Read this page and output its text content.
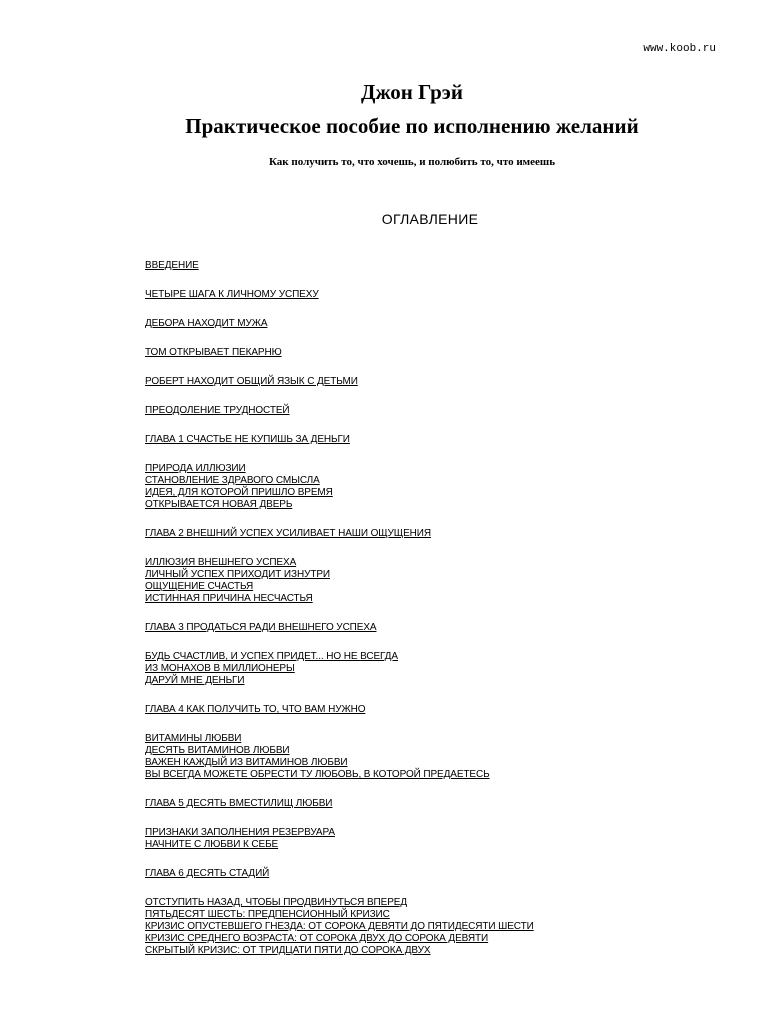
www.koob.ru
Джон Грэй
Практическое пособие по исполнению желаний
Как получить то, что хочешь, и полюбить то, что имеешь
ОГЛАВЛЕНИЕ
ВВЕДЕНИЕ
ЧЕТЫРЕ ШАГА К ЛИЧНОМУ УСПЕХУ
ДЕБОРА НАХОДИТ МУЖА
ТОМ ОТКРЫВАЕТ ПЕКАРНЮ
РОБЕРТ НАХОДИТ ОБЩИЙ ЯЗЫК С ДЕТЬМИ
ПРЕОДОЛЕНИЕ ТРУДНОСТЕЙ
ГЛАВА 1 СЧАСТЬЕ НЕ КУПИШЬ ЗА ДЕНЬГИ
ПРИРОДА ИЛЛЮЗИИ
СТАНОВЛЕНИЕ ЗДРАВОГО СМЫСЛА
ИДЕЯ, ДЛЯ КОТОРОЙ ПРИШЛО ВРЕМЯ
ОТКРЫВАЕТСЯ НОВАЯ ДВЕРЬ
ГЛАВА 2 ВНЕШНИЙ УСПЕХ УСИЛИВАЕТ НАШИ ОЩУЩЕНИЯ
ИЛЛЮЗИЯ ВНЕШНЕГО УСПЕХА
ЛИЧНЫЙ УСПЕХ ПРИХОДИТ ИЗНУТРИ
ОЩУЩЕНИЕ СЧАСТЬЯ
ИСТИННАЯ ПРИЧИНА НЕСЧАСТЬЯ
ГЛАВА 3 ПРОДАТЬСЯ РАДИ ВНЕШНЕГО УСПЕХА
БУДЬ СЧАСТЛИВ, И УСПЕХ ПРИДЕТ... НО НЕ ВСЕГДА
ИЗ МОНАХОВ В МИЛЛИОНЕРЫ
ДАРУЙ МНЕ ДЕНЬГИ
ГЛАВА 4 КАК ПОЛУЧИТЬ ТО, ЧТО ВАМ НУЖНО
ВИТАМИНЫ ЛЮБВИ
ДЕСЯТЬ ВИТАМИНОВ ЛЮБВИ
ВАЖЕН КАЖДЫЙ ИЗ ВИТАМИНОВ ЛЮБВИ
ВЫ ВСЕГДА МОЖЕТЕ ОБРЕСТИ ТУ ЛЮБОВЬ, В КОТОРОЙ ПРЕДАЕТЕСЬ
ГЛАВА 5 ДЕСЯТЬ ВМЕСТИЛИЩ ЛЮБВИ
ПРИЗНАКИ ЗАПОЛНЕНИЯ РЕЗЕРВУАРА
НАЧНИТЕ С ЛЮБВИ К СЕБЕ
ГЛАВА 6 ДЕСЯТЬ СТАДИЙ
ОТСТУПИТЬ НАЗАД, ЧТОБЫ ПРОДВИНУТЬСЯ ВПЕРЕД
ПЯТЬДЕСЯТ ШЕСТЬ: ПРЕДПЕНСИОННЫЙ КРИЗИС
КРИЗИС ОПУСТЕВШЕГО ГНЕЗДА: ОТ СОРОКА ДЕВЯТИ ДО ПЯТИДЕСЯТИ ШЕСТИ
КРИЗИС СРЕДНЕГО ВОЗРАСТА: ОТ СОРОКА ДВУХ ДО СОРОКА ДЕВЯТИ
СКРЫТЫЙ КРИЗИС: ОТ ТРИДЦАТИ ПЯТИ ДО СОРОКА ДВУХ
